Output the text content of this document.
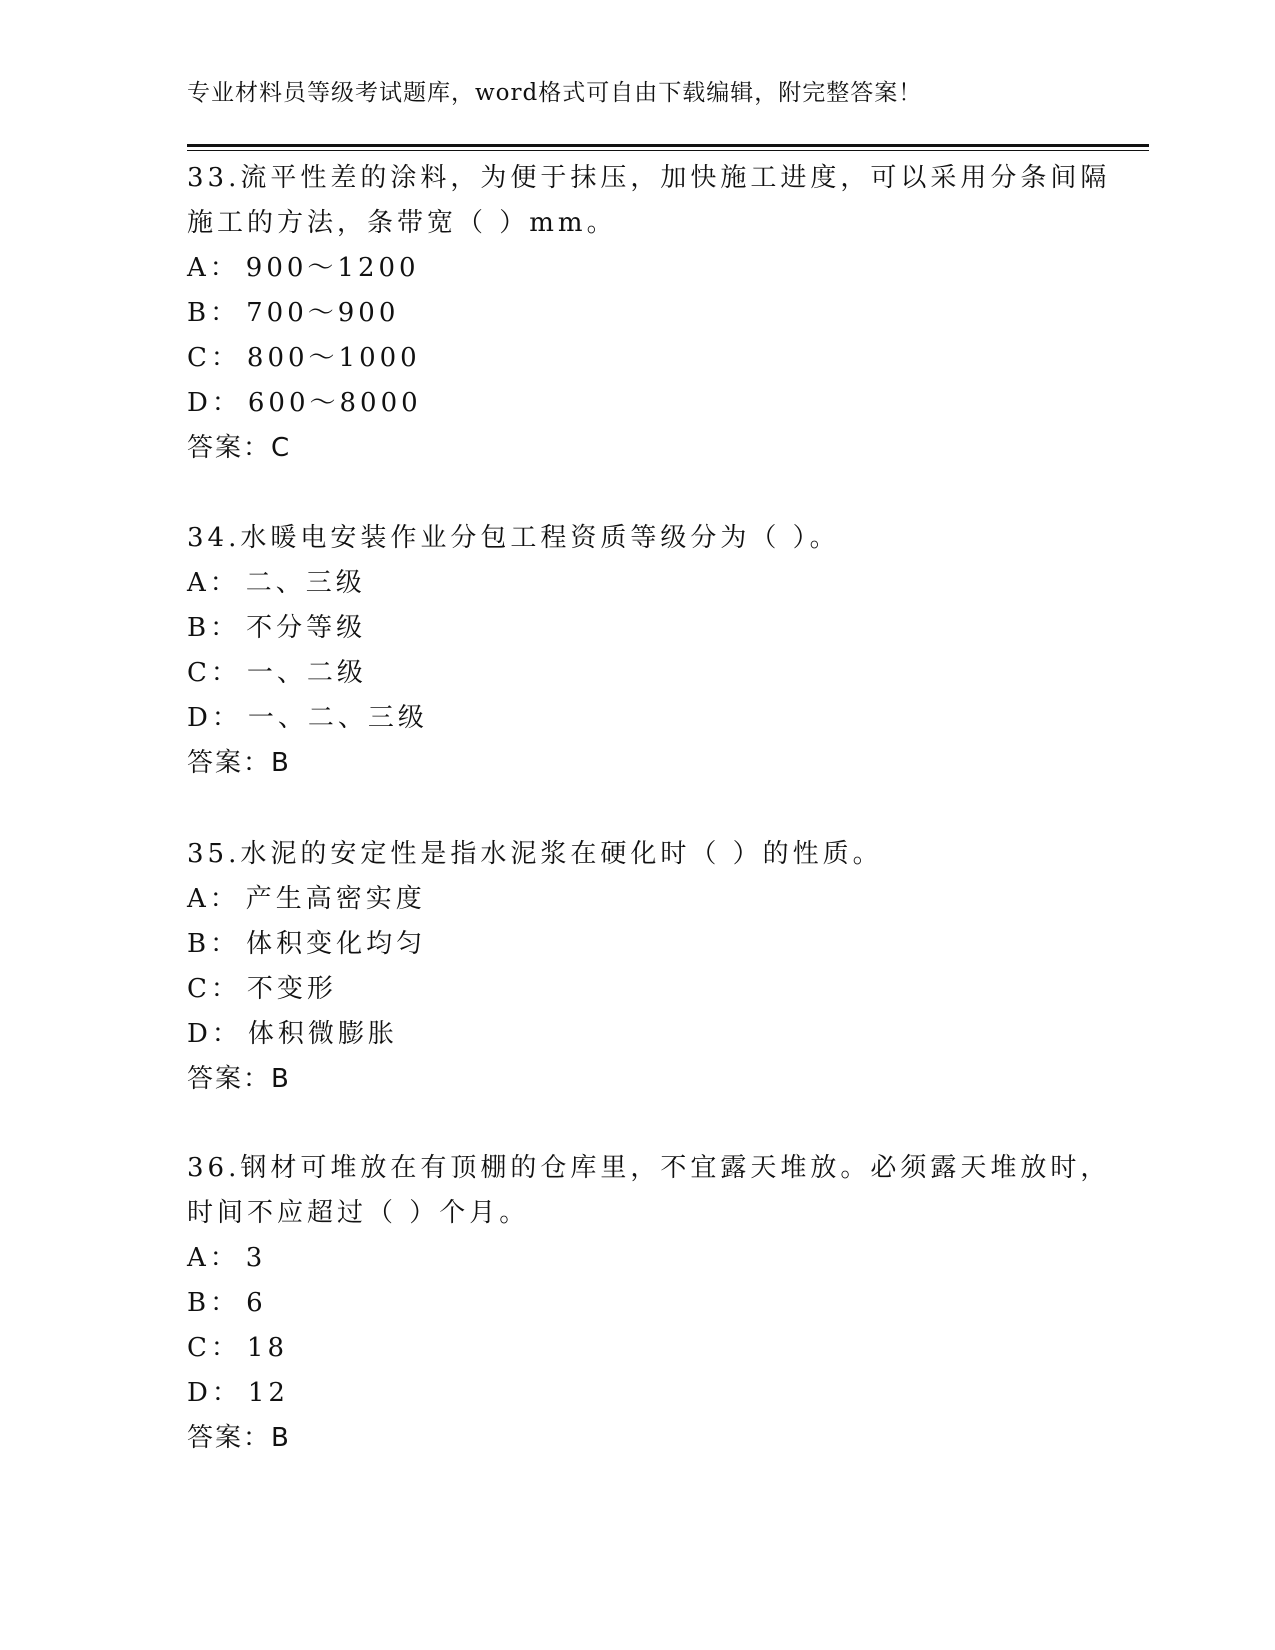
专业材料员等级考试题库，word格式可自由下载编辑，附完整答案！
33.流平性差的涂料，为便于抹压，加快施工进度，可以采用分条间隔
施工的方法，条带宽（ ）mm。
A： 900～1200
B： 700～900
C： 800～1000
D： 600～8000
答案：C
34.水暖电安装作业分包工程资质等级分为（ ）。
A： 二、三级
B： 不分等级
C： 一、二级
D： 一、二、三级
答案：B
35.水泥的安定性是指水泥浆在硬化时（ ）的性质。
A： 产生高密实度
B： 体积变化均匀
C： 不变形
D： 体积微膨胀
答案：B
36.钢材可堆放在有顶棚的仓库里，不宜露天堆放。必须露天堆放时，
时间不应超过（ ）个月。
A： 3
B： 6
C： 18
D： 12
答案：B
